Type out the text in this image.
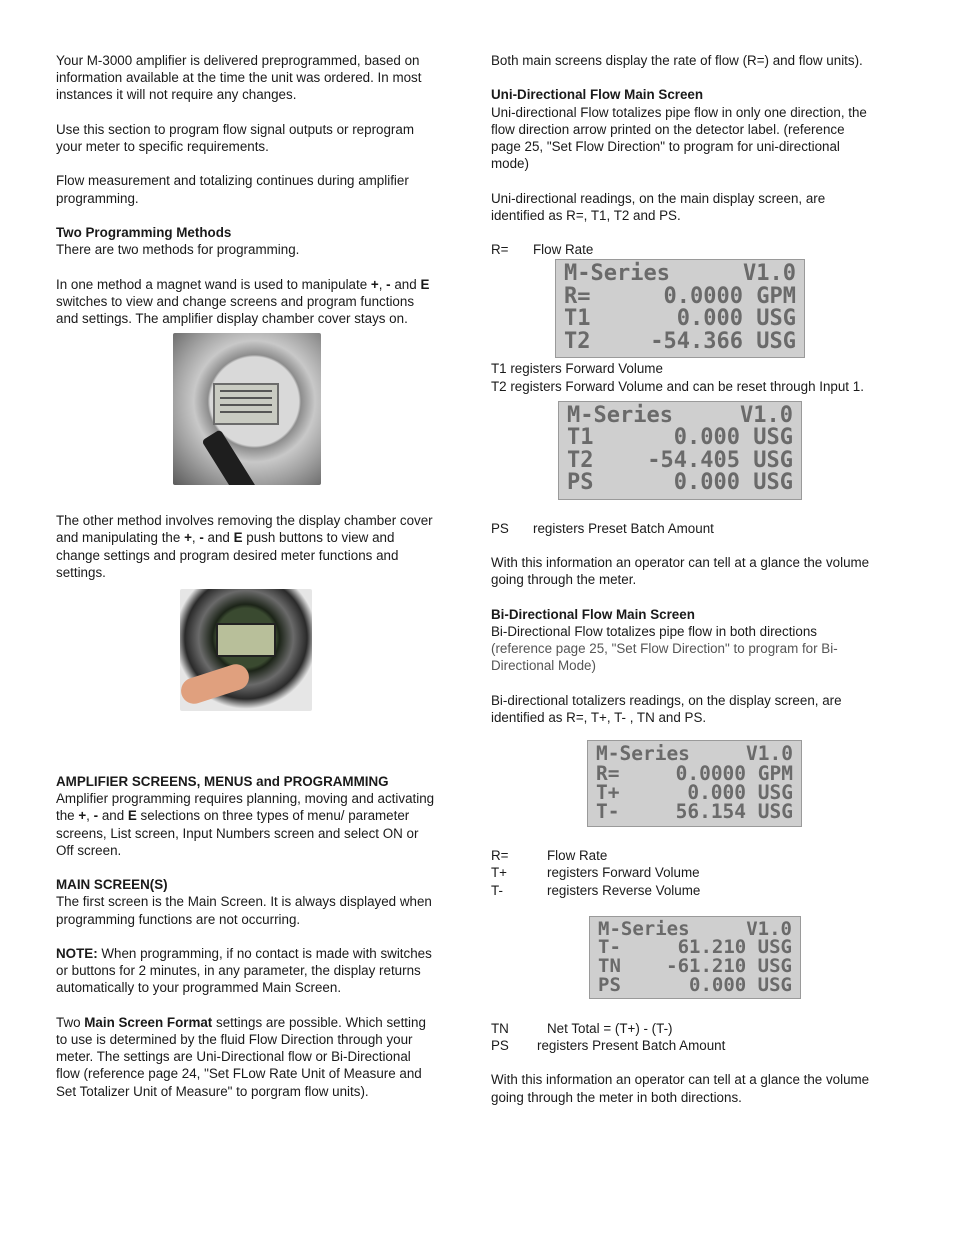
Your M-3000 amplifier is delivered preprogrammed, based on information available at the time the unit was ordered. In most instances it will not require any changes.

Use this section to program flow signal outputs or reprogram your meter to specific requirements.

Flow measurement and totalizing continues during amplifier programming.

Two Programming Methods
There are two methods for programming.

In one method a magnet wand is used to manipulate +, - and E switches to view and change screens and program functions and settings. The amplifier display chamber cover stays on.

The other method involves removing the display chamber cover and manipulating the +, - and E push buttons to view and change settings and program desired meter functions and settings.

AMPLIFIER SCREENS, MENUS and PROGRAMMING
Amplifier programming requires planning, moving and activating the +, - and E selections on three types of menu/ parameter screens, List screen, Input Numbers screen and select ON or Off screen.

MAIN SCREEN(S)
The first screen is the Main Screen. It is always displayed when programming functions are not occurring.

NOTE: When programming, if no contact is made with switches or buttons for 2 minutes, in any parameter, the display returns automatically to your programmed Main Screen.

Two Main Screen Format settings are possible. Which setting to use is determined by the fluid Flow Direction through your meter. The settings are Uni-Directional flow or Bi-Directional flow (reference page 24, "Set FLow Rate Unit of Measure and Set Totalizer Unit of Measure" to porgram flow units).

Both main screens display the rate of flow (R=) and flow units).

Uni-Directional Flow Main Screen
Uni-directional Flow totalizes pipe flow in only one direction, the flow direction arrow printed on the detector label. (reference page 25, "Set Flow Direction" to program for uni-directional mode)

Uni-directional readings, on the main display screen, are identified as R=, T1, T2 and PS.

R=	Flow Rate
M-Series	V1.0
R=	0.0000 GPM
T1	0.000 USG
T2	-54.366 USG
T1 registers Forward Volume
T2 registers Forward Volume and can be reset through Input 1.
M-Series	V1.0
T1	0.000 USG
T2 -54.405 USG
PS	0.000 USG
PS	registers Preset Batch Amount

With this information an operator can tell at a glance the volume going through the meter.

Bi-Directional Flow Main Screen
Bi-Directional Flow totalizes pipe flow in both directions (reference page 25, "Set Flow Direction" to program for Bi-Directional Mode)

Bi-directional totalizers readings, on the display screen, are identified as R=, T+, T- , TN and PS.

M-Series	V1.0
R=	0.0000 GPM
T+	0.000 USG
T-	56.154 USG
R=	Flow Rate
T+	registers Forward Volume
T-	registers Reverse Volume
M-Series	V1.0
T-	61.210 USG
TN -61.210 USG
PS	0.000 USG
TN	Net Total = (T+) - (T-)
PS	registers Present Batch Amount

With this information an operator can tell at a glance the volume going through the meter in both directions.
